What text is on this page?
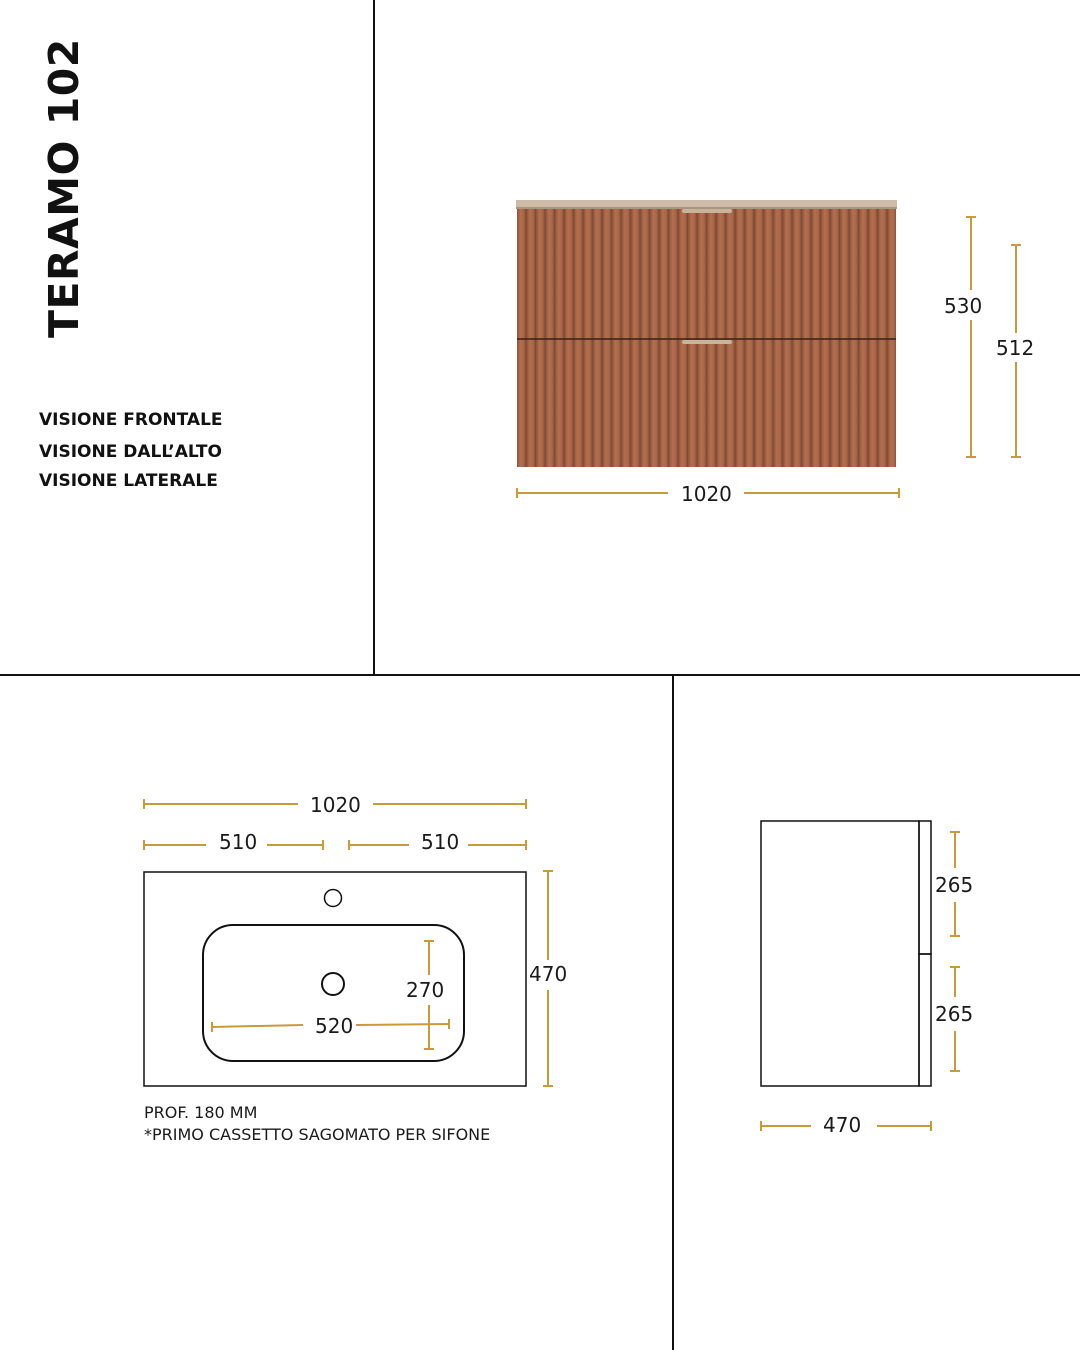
TERAMO 102
VISIONE FRONTALE
VISIONE DALL’ALTO
VISIONE LATERALE
1020
530
512
1020
510	510
470
270
520
265
265
470
PROF. 180 MM
*PRIMO CASSETTO SAGOMATO PER SIFONE
